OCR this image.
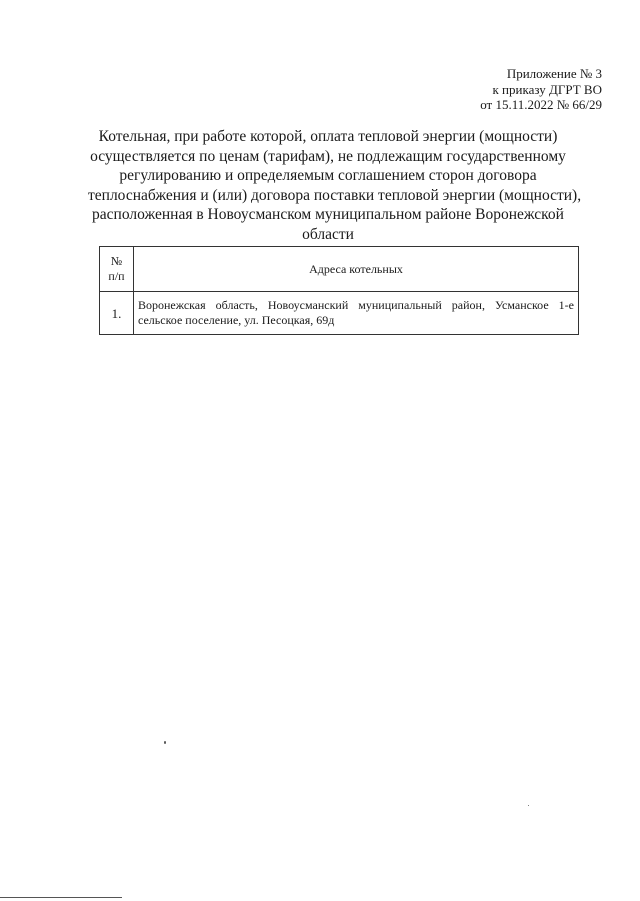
Приложение № 3
к приказу ДГРТ ВО
от 15.11.2022 № 66/29
Котельная, при работе которой, оплата тепловой энергии (мощности)
осуществляется по ценам (тарифам), не подлежащим государственному
регулированию и определяемым соглашением сторон договора
теплоснабжения и (или) договора поставки тепловой энергии (мощности),
расположенная в Новоусманском муниципальном районе Воронежской
области
№
п/п	Адреса котельных
1.	Воронежская область, Новоусманский муниципальный район, Усманское 1-е
сельское поселение, ул. Песоцкая, 69д
